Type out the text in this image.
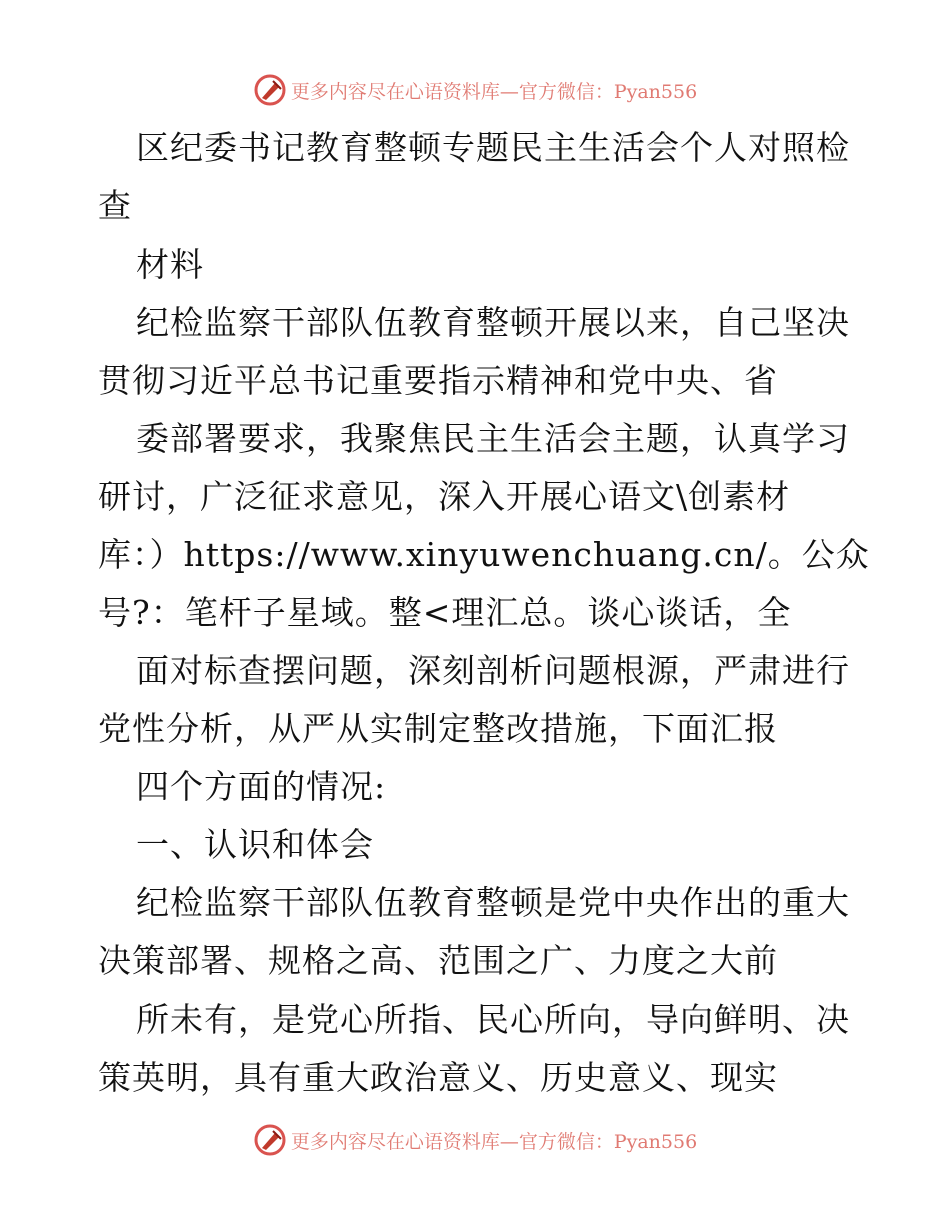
更多内容尽在心语资料库—官方微信：Pyan556
区纪委书记教育整顿专题民主生活会个人对照检
查
材料
纪检监察干部队伍教育整顿开展以来，自己坚决
贯彻习近平总书记重要指示精神和党中央、省
委部署要求，我聚焦民主生活会主题，认真学习
研讨，广泛征求意见，深入开展心语文\创素材
库：）https://www.xinyuwenchuang.cn/。公众
号?：笔杆子星域。整<理汇总。谈心谈话，全
面对标查摆问题，深刻剖析问题根源，严肃进行
党性分析，从严从实制定整改措施，下面汇报
四个方面的情况:
一、认识和体会
纪检监察干部队伍教育整顿是党中央作出的重大
决策部署、规格之高、范围之广、力度之大前
所未有，是党心所指、民心所向，导向鲜明、决
策英明，具有重大政治意义、历史意义、现实
更多内容尽在心语资料库—官方微信：Pyan556
